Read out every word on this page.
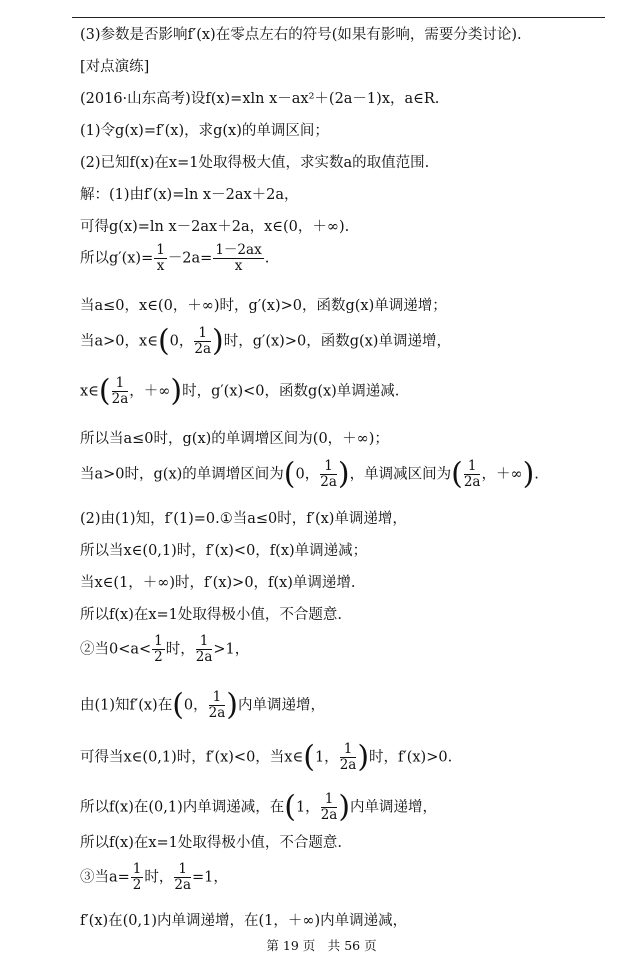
(3)参数是否影响f′(x)在零点左右的符号(如果有影响，需要分类讨论).
[对点演练]
(2016·山东高考)设f(x)=xln x－ax²＋(2a－1)x，a∈R.
(1)令g(x)=f′(x)，求g(x)的单调区间；
(2)已知f(x)在x=1处取得极大值，求实数a的取值范围.
解：(1)由f′(x)=ln x－2ax＋2a，
可得g(x)=ln x－2ax＋2a，x∈(0，＋∞).
所以$g'(x)= \frac{1}{x} -2a= \frac{1-2ax}{x}$ .
当a≤0，x∈(0，＋∞)时，g′(x)>0，函数g(x)单调递增；
当a>0，x∈(0， $\frac{1}{2a}$ )时，g′(x)>0，函数g(x)单调递增，
x∈( $\frac{1}{2a}$ ，＋∞)时，g′(x)<0，函数g(x)单调递减.
所以当a≤0时，g(x)的单调增区间为(0，＋∞)；
当a>0时，g(x)的单调增区间为(0， $\frac{1}{2a}$ )，单调减区间为( $\frac{1}{2a}$ ，＋∞).
(2)由(1)知，f′(1)=0.①当a≤0时，f′(x)单调递增，
所以当x∈(0,1)时，f′(x)<0，f(x)单调递减；
当x∈(1，＋∞)时，f′(x)>0，f(x)单调递增.
所以f(x)在x=1处取得极小值，不合题意.
②当$0<a< \frac{1}{2}$ 时， $\frac{1}{2a} >1$，
由(1)知f′(x)在(0， $\frac{1}{2a}$ )内单调递增，
可得当x∈(0,1)时，f′(x)<0，当x∈(1， $\frac{1}{2a}$ )时，f′(x)>0.
所以f(x)在(0,1)内单调递减，在(1， $\frac{1}{2a}$ )内单调递增，
所以f(x)在x=1处取得极小值，不合题意.
③当$a= \frac{1}{2}$ 时， $\frac{1}{2a} =1$，
f′(x)在(0,1)内单调递增，在(1，＋∞)内单调递减，
第 19 页　共 56 页
